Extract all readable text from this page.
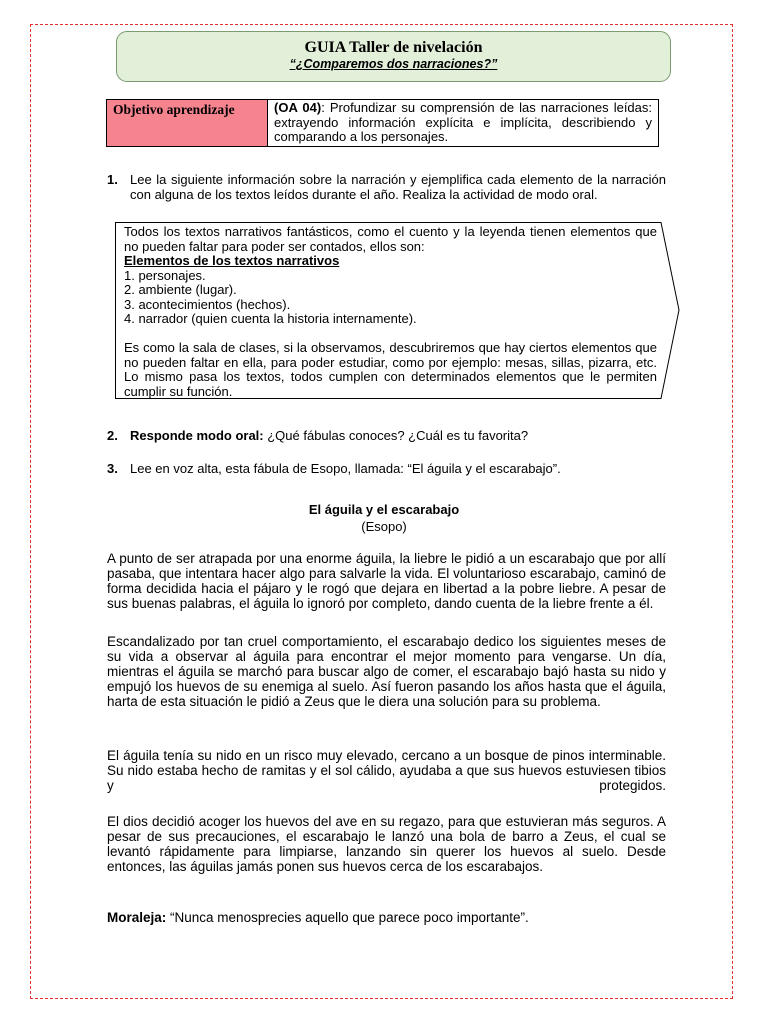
GUIA Taller de nivelación
“¿Comparemos dos narraciones?”
Objetivo aprendizaje	(OA 04): Profundizar su comprensión de las narraciones leídas: extrayendo información explícita e implícita, describiendo y comparando a los personajes.
1. Lee la siguiente información sobre la narración y ejemplifica cada elemento de la narración con alguna de los textos leídos durante el año. Realiza la actividad de modo oral.

Todos los textos narrativos fantásticos, como el cuento y la leyenda tienen elementos que no pueden faltar para poder ser contados, ellos son:

Elementos de los textos narrativos

1. personajes.

2. ambiente (lugar).

3. acontecimientos (hechos).

4. narrador (quien cuenta la historia internamente).

Es como la sala de clases, si la observamos, descubriremos que hay ciertos elementos que no pueden faltar en ella, para poder estudiar, como por ejemplo: mesas, sillas, pizarra, etc. Lo mismo pasa los textos, todos cumplen con determinados elementos que le permiten cumplir su función.

2. Responde modo oral: ¿Qué fábulas conoces? ¿Cuál es tu favorita?
3. Lee en voz alta, esta fábula de Esopo, llamada: “El águila y el escarabajo”.
El águila y el escarabajo
(Esopo)

A punto de ser atrapada por una enorme águila, la liebre le pidió a un escarabajo que por allí pasaba, que intentara hacer algo para salvarle la vida. El voluntarioso escarabajo, caminó de forma decidida hacia el pájaro y le rogó que dejara en libertad a la pobre liebre. A pesar de sus buenas palabras, el águila lo ignoró por completo, dando cuenta de la liebre frente a él.

Escandalizado por tan cruel comportamiento, el escarabajo dedico los siguientes meses de su vida a observar al águila para encontrar el mejor momento para vengarse. Un día, mientras el águila se marchó para buscar algo de comer, el escarabajo bajó hasta su nido y empujó los huevos de su enemiga al suelo. Así fueron pasando los años hasta que el águila, harta de esta situación le pidió a Zeus que le diera una solución para su problema.

El águila tenía su nido en un risco muy elevado, cercano a un bosque de pinos interminable. Su nido estaba hecho de ramitas y el sol cálido, ayudaba a que sus huevos estuviesen tibios y protegidos.

El dios decidió acoger los huevos del ave en su regazo, para que estuvieran más seguros. A pesar de sus precauciones, el escarabajo le lanzó una bola de barro a Zeus, el cual se levantó rápidamente para limpiarse, lanzando sin querer los huevos al suelo. Desde entonces, las águilas jamás ponen sus huevos cerca de los escarabajos.

Moraleja: “Nunca menosprecies aquello que parece poco importante”.
